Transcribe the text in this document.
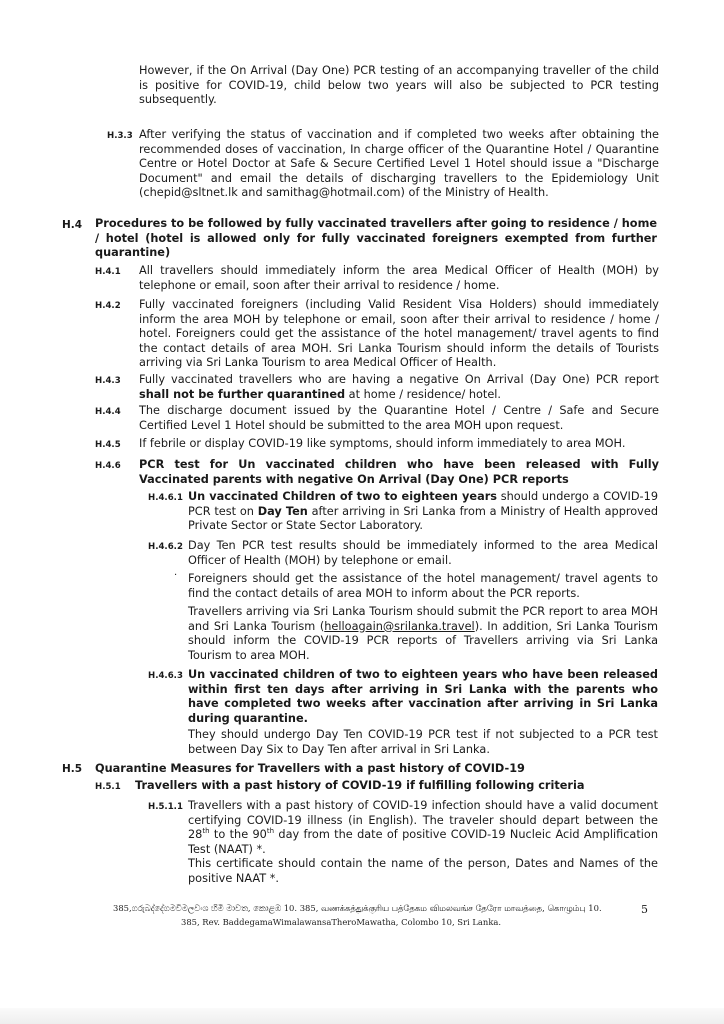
However, if the On Arrival (Day One) PCR testing of an accompanying traveller of the child is positive for COVID-19, child below two years will also be subjected to PCR testing subsequently.
H.3.3 After verifying the status of vaccination and if completed two weeks after obtaining the recommended doses of vaccination, In charge officer of the Quarantine Hotel / Quarantine Centre or Hotel Doctor at Safe & Secure Certified Level 1 Hotel should issue a "Discharge Document" and email the details of discharging travellers to the Epidemiology Unit (chepid@sltnet.lk and samithag@hotmail.com) of the Ministry of Health.
H.4 Procedures to be followed by fully vaccinated travellers after going to residence / home / hotel (hotel is allowed only for fully vaccinated foreigners exempted from further quarantine)
H.4.1 All travellers should immediately inform the area Medical Officer of Health (MOH) by telephone or email, soon after their arrival to residence / home.
H.4.2 Fully vaccinated foreigners (including Valid Resident Visa Holders) should immediately inform the area MOH by telephone or email, soon after their arrival to residence / home / hotel. Foreigners could get the assistance of the hotel management/ travel agents to find the contact details of area MOH. Sri Lanka Tourism should inform the details of Tourists arriving via Sri Lanka Tourism to area Medical Officer of Health.
H.4.3 Fully vaccinated travellers who are having a negative On Arrival (Day One) PCR report shall not be further quarantined at home / residence/ hotel.
H.4.4 The discharge document issued by the Quarantine Hotel / Centre / Safe and Secure Certified Level 1 Hotel should be submitted to the area MOH upon request.
H.4.5 If febrile or display COVID-19 like symptoms, should inform immediately to area MOH.
H.4.6 PCR test for Un vaccinated children who have been released with Fully Vaccinated parents with negative On Arrival (Day One) PCR reports
H.4.6.1 Un vaccinated Children of two to eighteen years should undergo a COVID-19 PCR test on Day Ten after arriving in Sri Lanka from a Ministry of Health approved Private Sector or State Sector Laboratory.
H.4.6.2 Day Ten PCR test results should be immediately informed to the area Medical Officer of Health (MOH) by telephone or email.
· Foreigners should get the assistance of the hotel management/ travel agents to find the contact details of area MOH to inform about the PCR reports.
Travellers arriving via Sri Lanka Tourism should submit the PCR report to area MOH and Sri Lanka Tourism (helloagain@srilanka.travel). In addition, Sri Lanka Tourism should inform the COVID-19 PCR reports of Travellers arriving via Sri Lanka Tourism to area MOH.
H.4.6.3 Un vaccinated children of two to eighteen years who have been released within first ten days after arriving in Sri Lanka with the parents who have completed two weeks after vaccination after arriving in Sri Lanka during quarantine.
They should undergo Day Ten COVID-19 PCR test if not subjected to a PCR test between Day Six to Day Ten after arrival in Sri Lanka.
H.5 Quarantine Measures for Travellers with a past history of COVID-19
H.5.1 Travellers with a past history of COVID-19 if fulfilling following criteria
H.5.1.1 Travellers with a past history of COVID-19 infection should have a valid document certifying COVID-19 illness (in English). The traveler should depart between the 28th to the 90th day from the date of positive COVID-19 Nucleic Acid Amplification Test (NAAT) *.
This certificate should contain the name of the person, Dates and Names of the positive NAAT *.
385,ගරුබද්දේගමවිමලවංශ හිමි මාවත, කොළඹ 10. 385, வணக்கத்துக்குரிய பத்தேகம விமலவங்ச தேரோ மாவத்தை, கொழும்பு 10.
385, Rev. BaddegamaWimalawansaTheroMawatha, Colombo 10, Sri Lanka.
5
